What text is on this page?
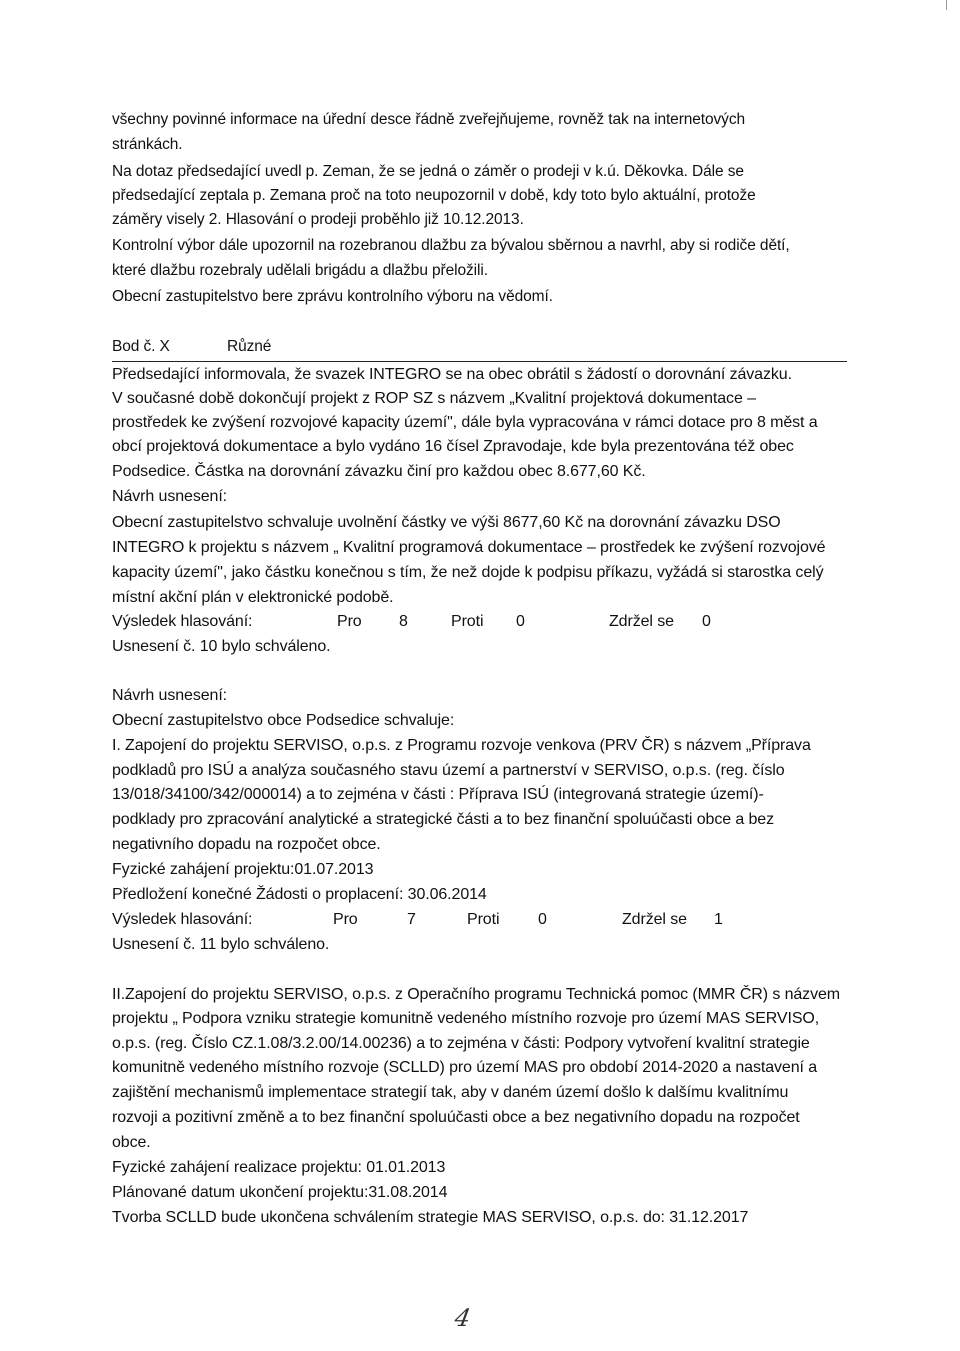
všechny povinné informace na úřední desce řádně zveřejňujeme, rovněž tak na internetových
stránkách.
Na dotaz předsedající uvedl p. Zeman, že se jedná o záměr o prodeji v k.ú. Děkovka. Dále se
předsedající zeptala p. Zemana proč na toto neupozornil v době, kdy toto bylo aktuální, protože
záměry visely 2. Hlasování o prodeji proběhlo již 10.12.2013.
Kontrolní výbor dále upozornil na rozebranou dlažbu za bývalou sběrnou a navrhl, aby si rodiče dětí,
které dlažbu rozebraly udělali brigádu a dlažbu přeložili.
Obecní zastupitelstvo bere zprávu kontrolního výboru na vědomí.
Bod č. X	Různé
Předsedající informovala, že svazek INTEGRO se na obec obrátil s žádostí o dorovnání závazku.
V současné době dokončují projekt z ROP SZ s názvem „Kvalitní projektová dokumentace –
prostředek ke zvýšení rozvojové kapacity území", dále byla vypracována v rámci dotace pro 8 měst a
obcí projektová dokumentace a bylo vydáno 16 čísel Zpravodaje, kde byla prezentována též obec
Podsedice. Částka na dorovnání závazku činí pro každou obec 8.677,60 Kč.
Návrh usnesení:
Obecní zastupitelstvo schvaluje uvolnění částky ve výši 8677,60 Kč na dorovnání závazku DSO
INTEGRO k projektu s názvem „ Kvalitní programová dokumentace – prostředek ke zvýšení rozvojové
kapacity území", jako částku konečnou s tím, že než dojde k podpisu příkazu, vyžádá si starostka celý
místní akční plán v elektronické podobě.
Výsledek hlasování:	Pro 8	Proti 0	Zdržel se 0
Usnesení č. 10 bylo schváleno.
Návrh usnesení:
Obecní zastupitelstvo obce Podsedice schvaluje:
I. Zapojení do projektu SERVISO, o.p.s. z Programu rozvoje venkova (PRV ČR) s názvem „Příprava
podkladů pro ISÚ a analýza současného stavu území a partnerství v SERVISO, o.p.s. (reg. číslo
13/018/34100/342/000014) a to zejména v části : Příprava ISÚ (integrovaná strategie území)-
podklady pro zpracování analytické a strategické části a to bez finanční spoluúčasti obce a bez
negativního dopadu na rozpočet obce.
Fyzické zahájení projektu:01.07.2013
Předložení konečné Žádosti o proplacení: 30.06.2014
Výsledek hlasování:	Pro	7	Proti 0	Zdržel se 1
Usnesení č. 11 bylo schváleno.
II.Zapojení do projektu SERVISO, o.p.s. z Operačního programu Technická pomoc (MMR ČR) s názvem
projektu „ Podpora vzniku strategie komunitně vedeného místního rozvoje pro území MAS SERVISO,
o.p.s. (reg. Číslo CZ.1.08/3.2.00/14.00236) a to zejména v části: Podpory vytvoření kvalitní strategie
komunitně vedeného místního rozvoje (SCLLD) pro území MAS pro období 2014-2020 a nastavení a
zajištění mechanismů implementace strategií tak, aby v daném území došlo k dalšímu kvalitnímu
rozvoji a pozitivní změně a to bez finanční spoluúčasti obce a bez negativního dopadu na rozpočet
obce.
Fyzické zahájení realizace projektu: 01.01.2013
Plánované datum ukončení projektu:31.08.2014
Tvorba SCLLD bude ukončena schválením strategie MAS SERVISO, o.p.s. do: 31.12.2017
4
